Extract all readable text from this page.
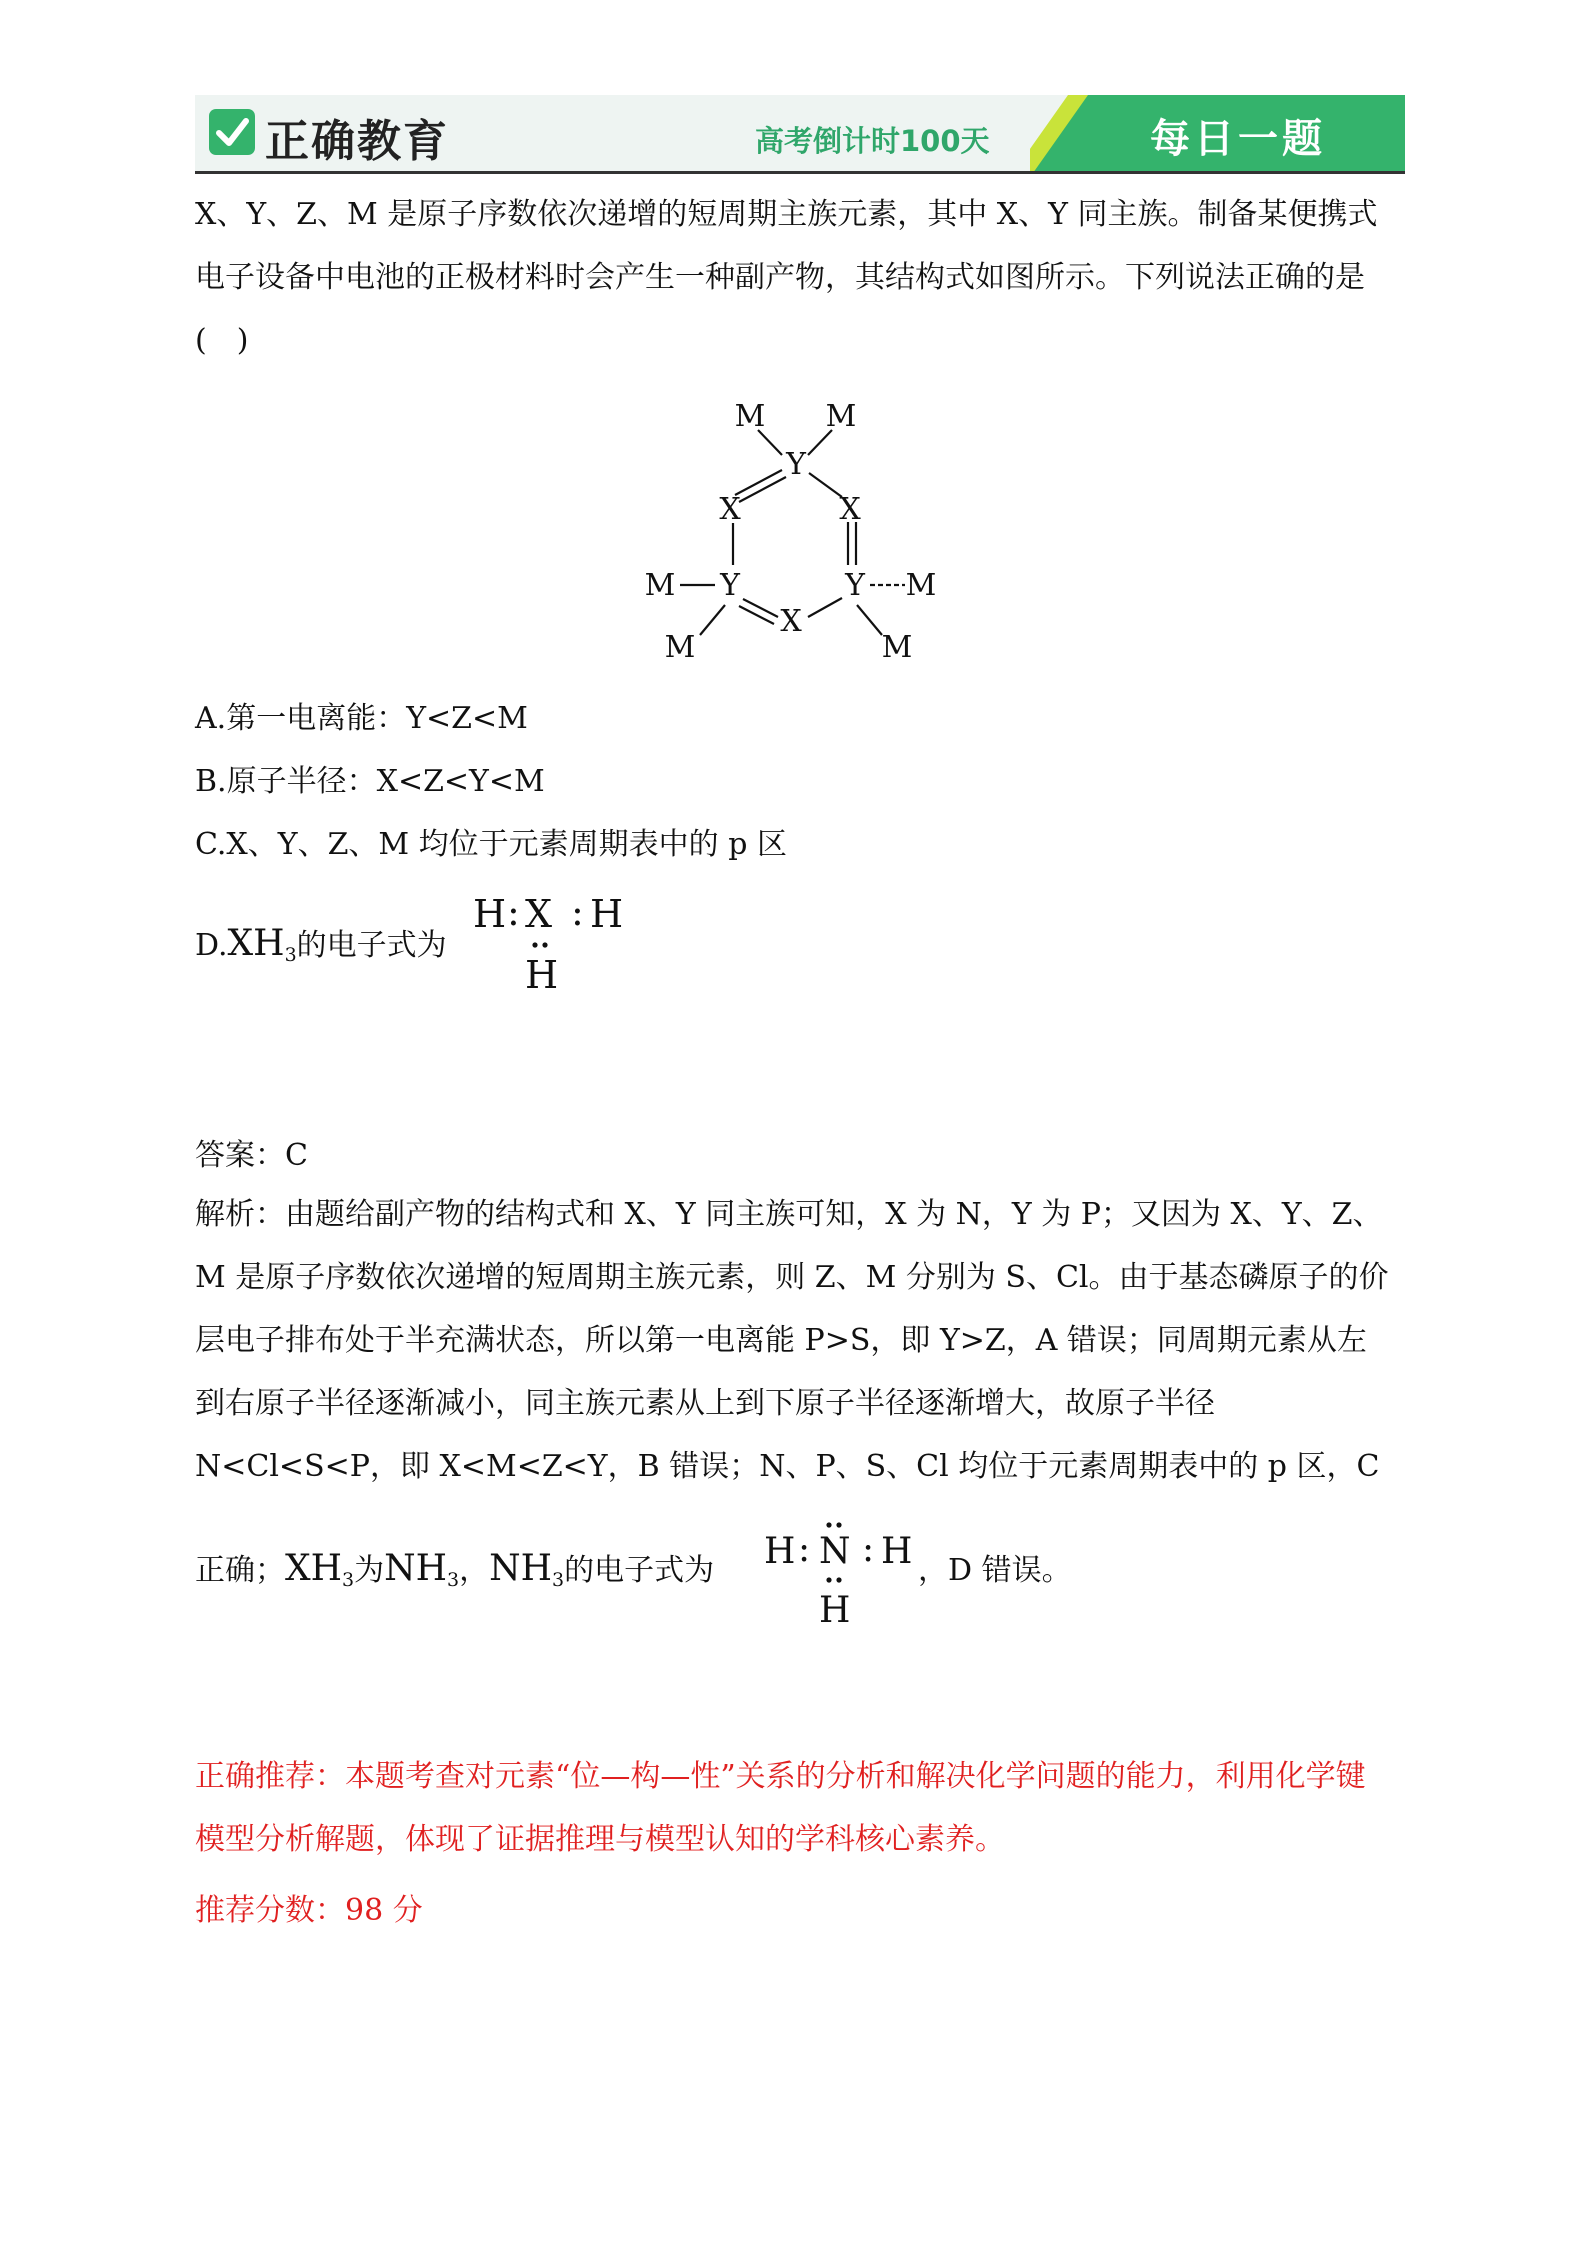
正确教育	高考倒计时100天	每日一题

X、Y、Z、M 是原子序数依次递增的短周期主族元素，其中 X、Y 同主族。制备某便携式电子设备中电池的正极材料时会产生一种副产物，其结构式如图所示。下列说法正确的是(　)

M M
Y
X	X
M Y	Y M
X
M	M
A.第一电离能：Y<Z<M
B.原子半径：X<Z<Y<M
C.X、Y、Z、M 均位于元素周期表中的 p 区
$D.XH_3$的电子式为
H : X : H
H
答案：C

解析：由题给副产物的结构式和 X、Y 同主族可知，X 为 N，Y 为 P；又因为 X、Y、Z、M 是原子序数依次递增的短周期主族元素，则 Z、M 分别为 S、Cl。由于基态磷原子的价层电子排布处于半充满状态，所以第一电离能 P>S，即 Y>Z，A 错误；同周期元素从左到右原子半径逐渐减小，同主族元素从上到下原子半径逐渐增大，故原子半径 N<Cl<S<P，即 X<M<Z<Y，B 错误；N、P、S、Cl 均位于元素周期表中的 p 区，C

正确；$XH_3$为$NH_3$，$NH_3$的电子式为 H : N : H
H
，D 错误。

正确推荐：本题考查对元素“位—构—性”关系的分析和解决化学问题的能力，利用化学键模型分析解题，体现了证据推理与模型认知的学科核心素养。

推荐分数：98 分
